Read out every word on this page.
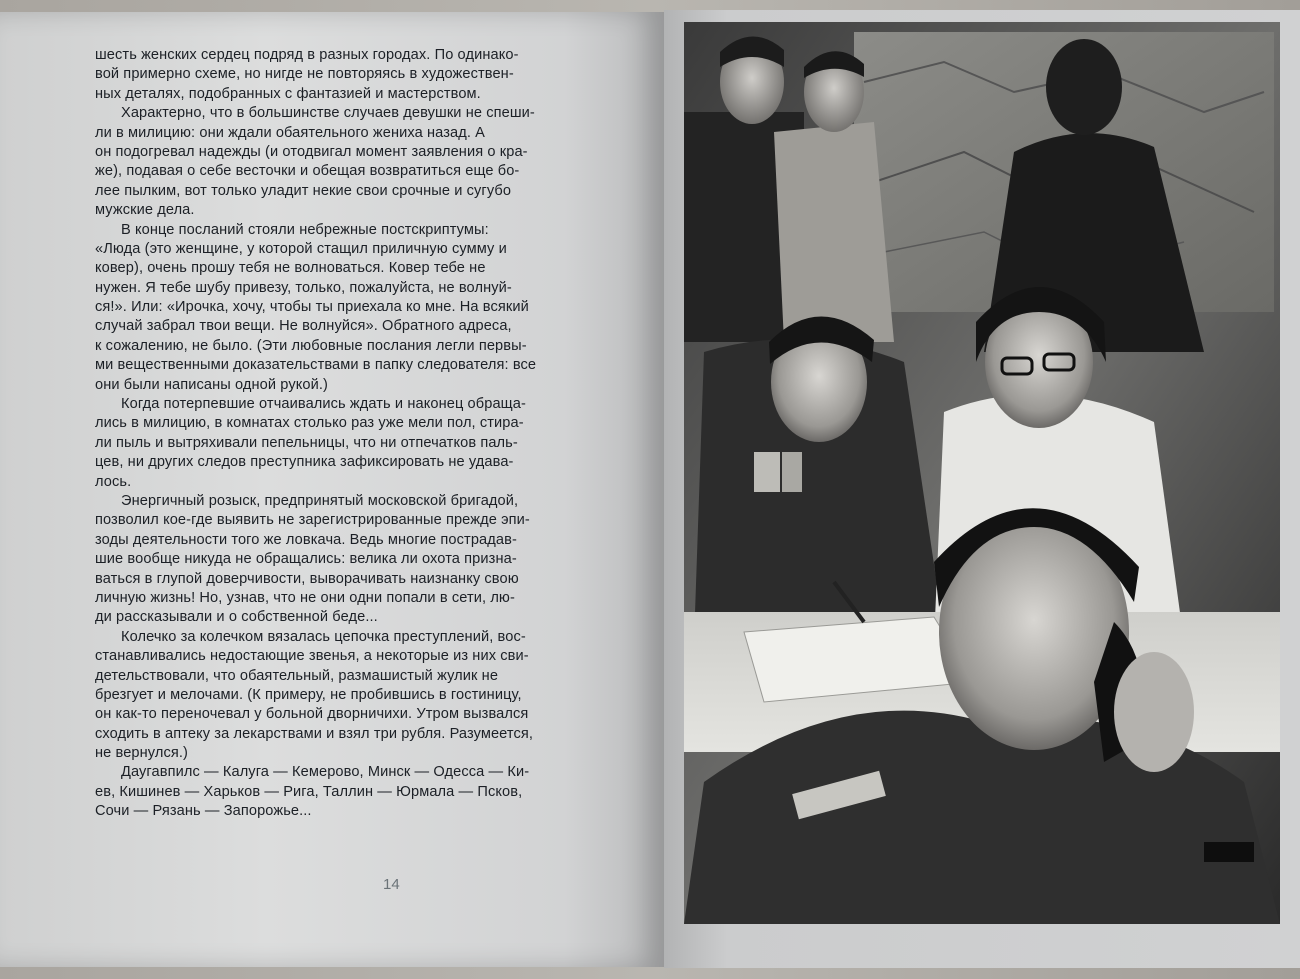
шесть женских сердец подряд в разных городах. По одинако-
вой примерно схеме, но нигде не повторяясь в художествен-
ных деталях, подобранных с фантазией и мастерством.
Характерно, что в большинстве случаев девушки не спеши-
ли в милицию: они ждали обаятельного жениха назад. А
он подогревал надежды (и отодвигал момент заявления о кра-
же), подавая о себе весточки и обещая возвратиться еще бо-
лее пылким, вот только уладит некие свои срочные и сугубо
мужские дела.
В конце посланий стояли небрежные постскриптумы:
«Люда (это женщине, у которой стащил приличную сумму и
ковер), очень прошу тебя не волноваться. Ковер тебе не
нужен. Я тебе шубу привезу, только, пожалуйста, не волнуй-
ся!». Или: «Ирочка, хочу, чтобы ты приехала ко мне. На всякий
случай забрал твои вещи. Не волнуйся». Обратного адреса,
к сожалению, не было. (Эти любовные послания легли первы-
ми вещественными доказательствами в папку следователя: все
они были написаны одной рукой.)
Когда потерпевшие отчаивались ждать и наконец обраща-
лись в милицию, в комнатах столько раз уже мели пол, стира-
ли пыль и вытряхивали пепельницы, что ни отпечатков паль-
цев, ни других следов преступника зафиксировать не удава-
лось.
Энергичный розыск, предпринятый московской бригадой,
позволил кое-где выявить не зарегистрированные прежде эпи-
зоды деятельности того же ловкача. Ведь многие пострадав-
шие вообще никуда не обращались: велика ли охота призна-
ваться в глупой доверчивости, выворачивать наизнанку свою
личную жизнь! Но, узнав, что не они одни попали в сети, лю-
ди рассказывали и о собственной беде...
Колечко за колечком вязалась цепочка преступлений, вос-
станавливались недостающие звенья, а некоторые из них сви-
детельствовали, что обаятельный, размашистый жулик не
брезгует и мелочами. (К примеру, не пробившись в гостиницу,
он как-то переночевал у больной дворничихи. Утром вызвался
сходить в аптеку за лекарствами и взял три рубля. Разумеется,
не вернулся.)
Даугавпилс — Калуга — Кемерово, Минск — Одесса — Ки-
ев, Кишинев — Харьков — Рига, Таллин — Юрмала — Псков,
Сочи — Рязань — Запорожье...
14
